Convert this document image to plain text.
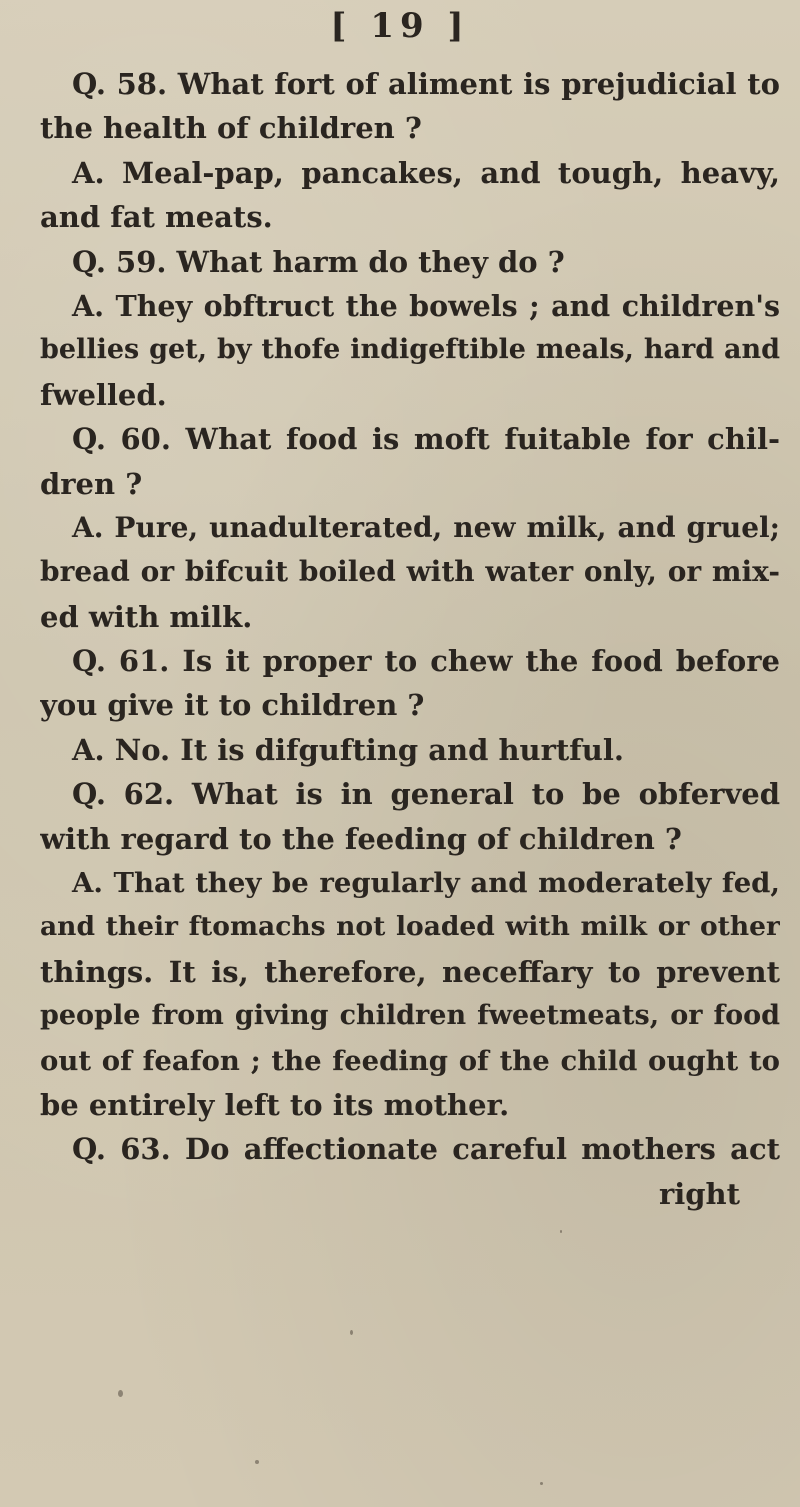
[ 19 ]
Q. 58. What fort of aliment is prejudicial to
the health of children ?
A. Meal-pap, pancakes, and tough, heavy,
and fat meats.
Q. 59. What harm do they do ?
A. They obftruct the bowels ; and children's
bellies get, by thofe indigeftible meals, hard and
fwelled.
Q. 60. What food is moft fuitable for chil-
dren ?
A. Pure, unadulterated, new milk, and gruel;
bread or bifcuit boiled with water only, or mix-
ed with milk.
Q. 61. Is it proper to chew the food before
you give it to children ?
A. No. It is difgufting and hurtful.
Q. 62. What is in general to be obferved
with regard to the feeding of children ?
A. That they be regularly and moderately fed,
and their ftomachs not loaded with milk or other
things. It is, therefore, neceffary to prevent
people from giving children fweetmeats, or food
out of feafon ; the feeding of the child ought to
be entirely left to its mother.
Q. 63. Do affectionate careful mothers act
right
